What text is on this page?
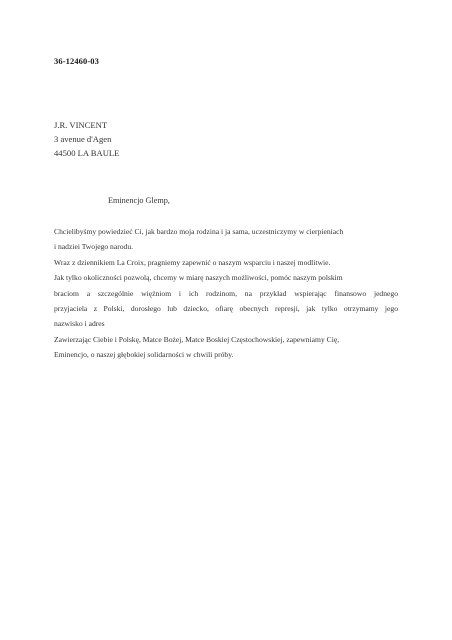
36-12460-03
J.R. VINCENT
3 avenue d'Agen
44500 LA BAULE
Eminencjo Glemp,
Chcielibyśmy powiedzieć Ci, jak bardzo moja rodzina i ja sama, uczestniczymy w cierpieniach
i nadziei Twojego narodu.
Wraz z dziennikiem La Croix, pragniemy zapewnić o naszym wsparciu i naszej modlitwie.
Jak tylko okoliczności pozwolą, chcemy w miarę naszych możliwości, pomóc naszym polskim
braciom a szczególnie więźniom i ich rodzinom, na przykład wspierając finansowo jednego
przyjaciela z Polski, dorosłego lub dziecko, ofiarę obecnych represji, jak tylko otrzymamy jego
nazwisko i adres
Zawierzając Ciebie i Polskę, Matce Bożej, Matce Boskiej Częstochowskiej, zapewniamy Cię,
Eminencjo, o naszej głębokiej solidarności w chwili próby.
